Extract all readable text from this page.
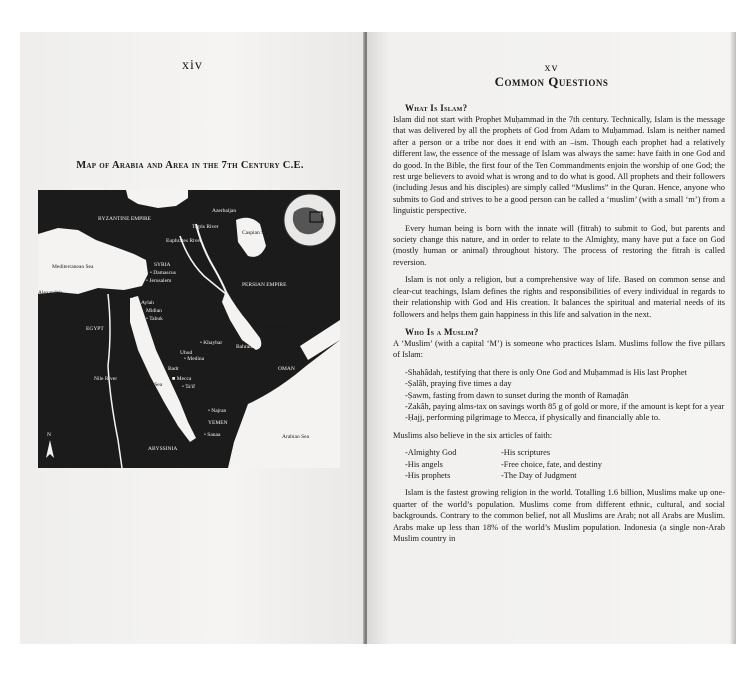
xiv
Map of Arabia and Area in the 7th Century C.E.
Black Sea
Azerbaijan
BYZANTINE EMPIRE
Caspian Sea
Tigris River
Euphrates River
Mediterranean Sea	SYRIA
• Damascus
• Jerusalem
PERSIAN EMPIRE
Alexandria
Sinai
• Aylah
Midian
• Tabuk
EGYPT	Arabian Gulf
Bahrain
• Khaybar
Uhud
• Medina
Badr
Nile River
OMAN
■ Mecca
• Ta'if
Red Sea
• Najran
YEMEN
• Sanaa	Arabian Sea
ABYSSINIA
N
xv
Common Questions
What Is Islam?

Islam did not start with Prophet Muḥammad in the 7th century. Technically, Islam is the message that was delivered by all the prophets of God from Adam to Muḥammad. Islam is neither named after a person or a tribe nor does it end with an –ism. Though each prophet had a relatively different law, the essence of the message of Islam was always the same: have faith in one God and do good. In the Bible, the first four of the Ten Commandments enjoin the worship of one God; the rest urge believers to avoid what is wrong and to do what is good. All prophets and their followers (including Jesus and his disciples) are simply called “Muslims” in the Quran. Hence, anyone who submits to God and strives to be a good person can be called a ‘muslim’ (with a small ‘m’) from a linguistic perspective.

Every human being is born with the innate will (fitrah) to submit to God, but parents and society change this nature, and in order to relate to the Almighty, many have put a face on God (mostly human or animal) throughout history. The process of restoring the fitrah is called reversion.

Islam is not only a religion, but a comprehensive way of life. Based on common sense and clear-cut teachings, Islam defines the rights and responsibilities of every individual in regards to their relationship with God and His creation. It balances the spiritual and material needs of its followers and helps them gain happiness in this life and salvation in the next.

Who Is a Muslim?

A ‘Muslim’ (with a capital ‘M’) is someone who practices Islam. Muslims follow the five pillars of Islam:

-Shahâdah, testifying that there is only One God and Muḥammad is His last Prophet
-Ṣalâh, praying five times a day
-Ṣawm, fasting from dawn to sunset during the month of Ramaḍân
-Zakâh, paying alms-tax on savings worth 85 g of gold or more, if the amount is kept for a year
-Ḥajj, performing pilgrimage to Mecca, if physically and financially able to.

Muslims also believe in the six articles of faith:

-Almighty God	-His scriptures
-His angels	-Free choice, fate, and destiny
-His prophets	-The Day of Judgment

Islam is the fastest growing religion in the world. Totalling 1.6 billion, Muslims make up one-quarter of the world’s population. Muslims come from different ethnic, cultural, and social backgrounds. Contrary to the common belief, not all Muslims are Arab; not all Arabs are Muslim. Arabs make up less than 18% of the world’s Muslim population. Indonesia (a single non-Arab Muslim country in
